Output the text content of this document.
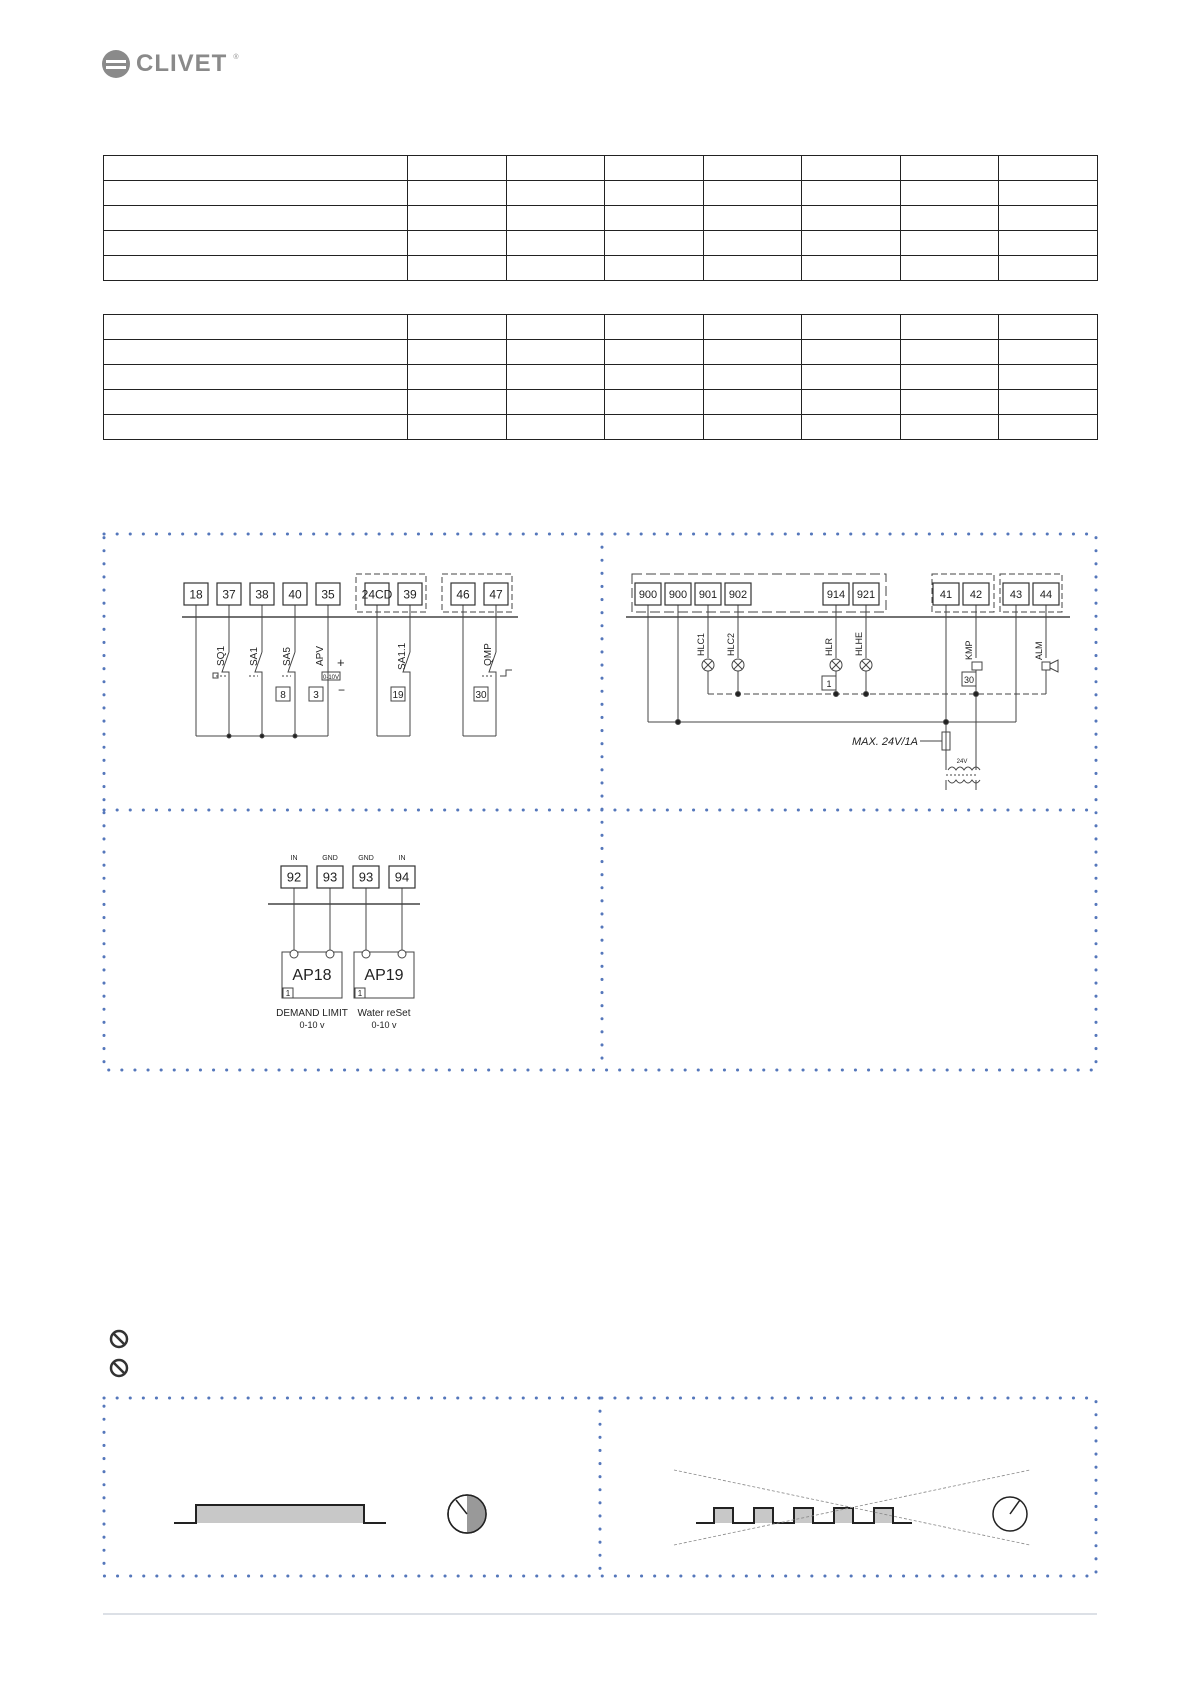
CLIVET ®

18 37 38 40 35 24CD 39	46 47
SQ1 SA1 SA5 APV	SA1.1	QMP
8	3	19	30
0-10V
+
−
900 900 901 902	914 921	41 42	43 44
HLC1 HLC2	HLR HLHE	KMP	ALM
1	30
MAX. 24V/1A
24V
92 93 93 94
IN	GND	GND	IN
AP18 AP19
1	1
DEMAND LIMIT Water reSet
0-10 v	0-10 v
